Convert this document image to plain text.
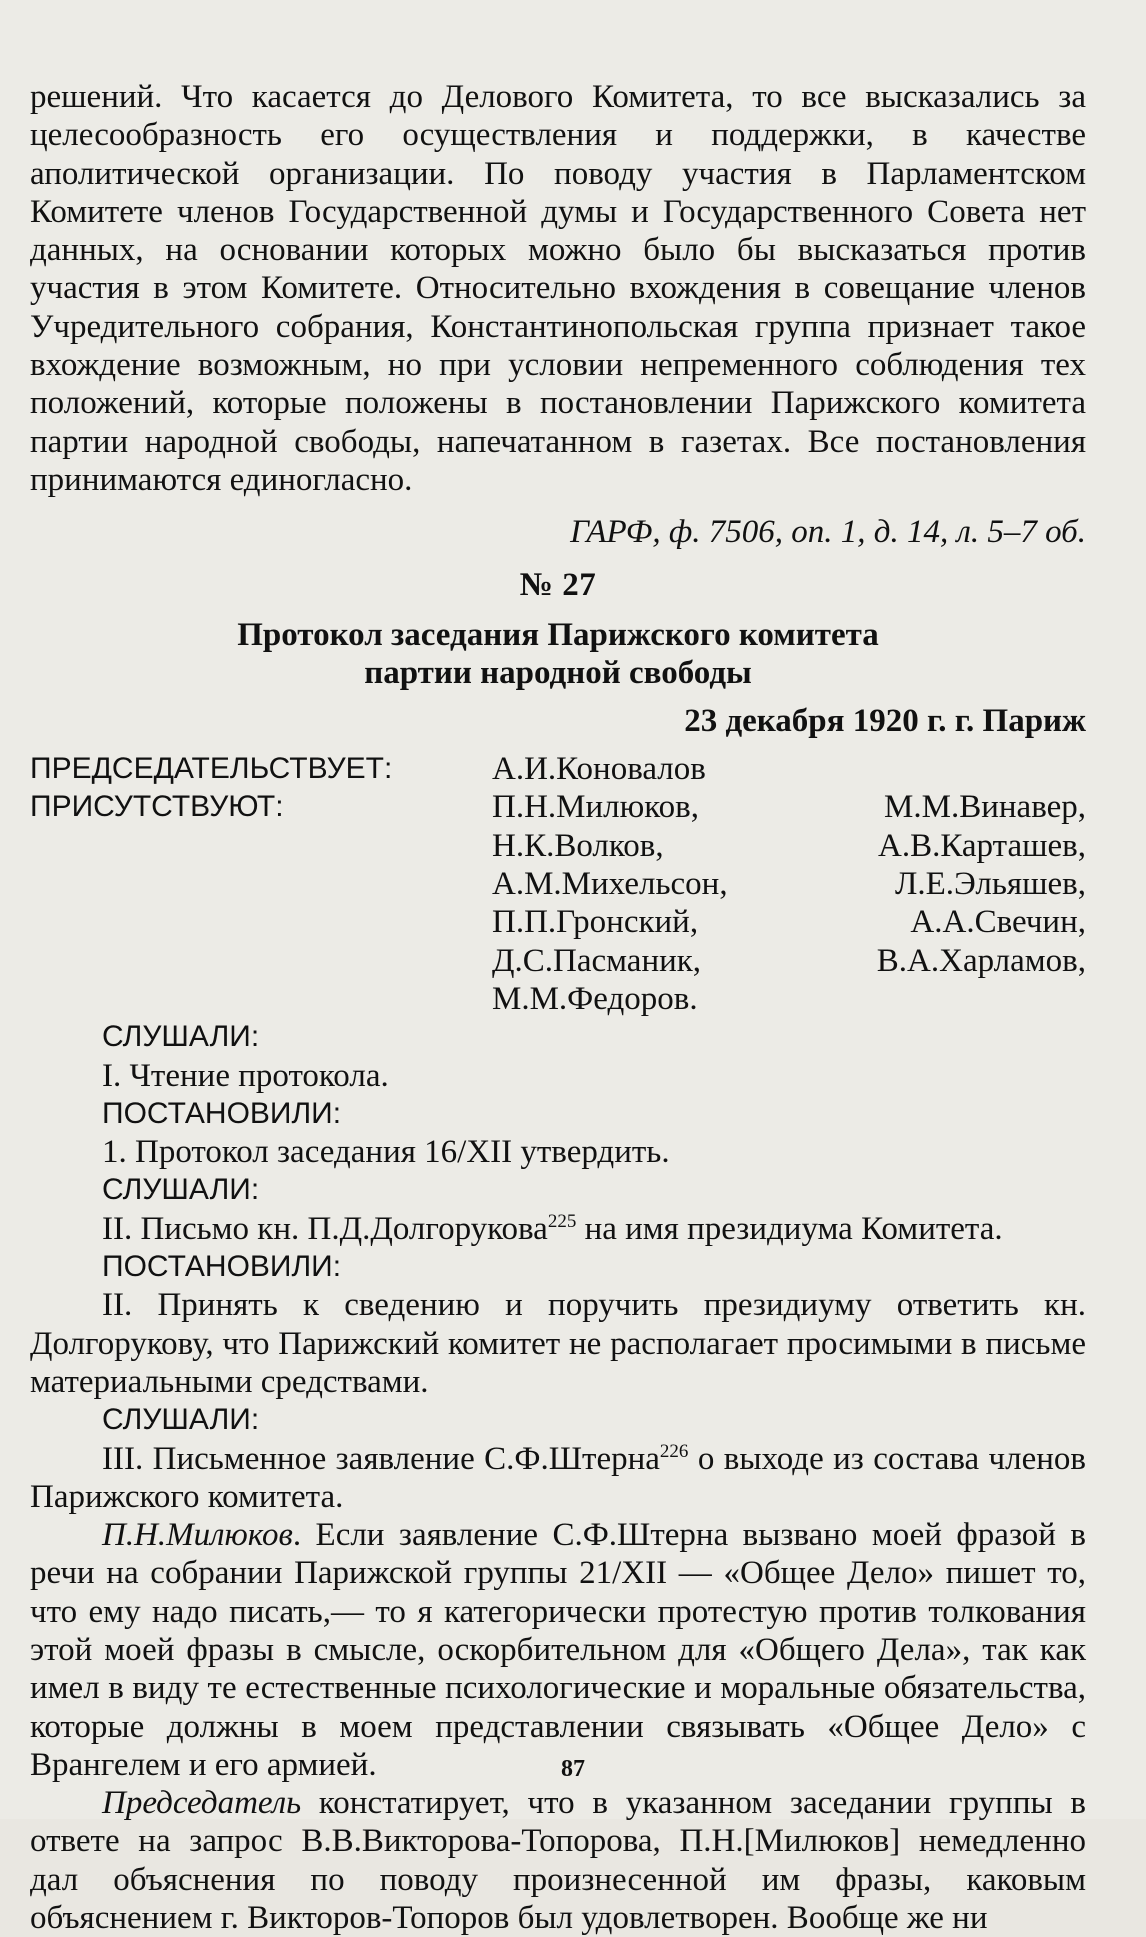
решений. Что касается до Делового Комитета, то все высказались за целесообразность его осуществления и поддержки, в качестве аполитической организации. По поводу участия в Парламентском Комитете членов Государственной думы и Государственного Совета нет данных, на основании которых можно было бы высказаться против участия в этом Комитете. Относительно вхождения в совещание членов Учредительного собрания, Константинопольская группа признает такое вхождение возможным, но при условии непременного соблюдения тех положений, которые положены в постановлении Парижского комитета партии народной свободы, напечатанном в газетах. Все постановления принимаются единогласно.

ГАРФ, ф. 7506, оп. 1, д. 14, л. 5–7 об.

№ 27

Протокол заседания Парижского комитета
партии народной свободы

23 декабря 1920 г. г. Париж

ПРЕДСЕДАТЕЛЬСТВУЕТ:	А.И.Коновалов
ПРИСУТСТВУЮТ:	П.Н.Милюков, М.М.Винавер, Н.К.Волков, А.В.Карташев, А.М.Михельсон, Л.Е.Эльяшев, П.П.Гронский, А.А.Свечин, Д.С.Пасманик, В.А.Харламов, М.М.Федоров.
СЛУШАЛИ:

I. Чтение протокола.

ПОСТАНОВИЛИ:

1. Протокол заседания 16/XII утвердить.

СЛУШАЛИ:

II. Письмо кн. П.Д.Долгорукова$^{225}$ на имя президиума Комитета.

ПОСТАНОВИЛИ:

II. Принять к сведению и поручить президиуму ответить кн. Долгорукову, что Парижский комитет не располагает просимыми в письме материальными средствами.

СЛУШАЛИ:

III. Письменное заявление С.Ф.Штерна$^{226}$ о выходе из состава членов Парижского комитета.

П.Н.Милюков. Если заявление С.Ф.Штерна вызвано моей фразой в речи на собрании Парижской группы 21/XII — «Общее Дело» пишет то, что ему надо писать,— то я категорически протестую против толкования этой моей фразы в смысле, оскорбительном для «Общего Дела», так как имел в виду те естественные психологические и моральные обязательства, которые должны в моем представлении связывать «Общее Дело» с Врангелем и его армией.

Председатель констатирует, что в указанном заседании группы в ответе на запрос В.В.Викторова-Топорова, П.Н.[Милюков] немедленно дал объяснения по поводу произнесенной им фразы, каковым объяснением г. Викторов-Топоров был удовлетворен. Вообще же ни

87
